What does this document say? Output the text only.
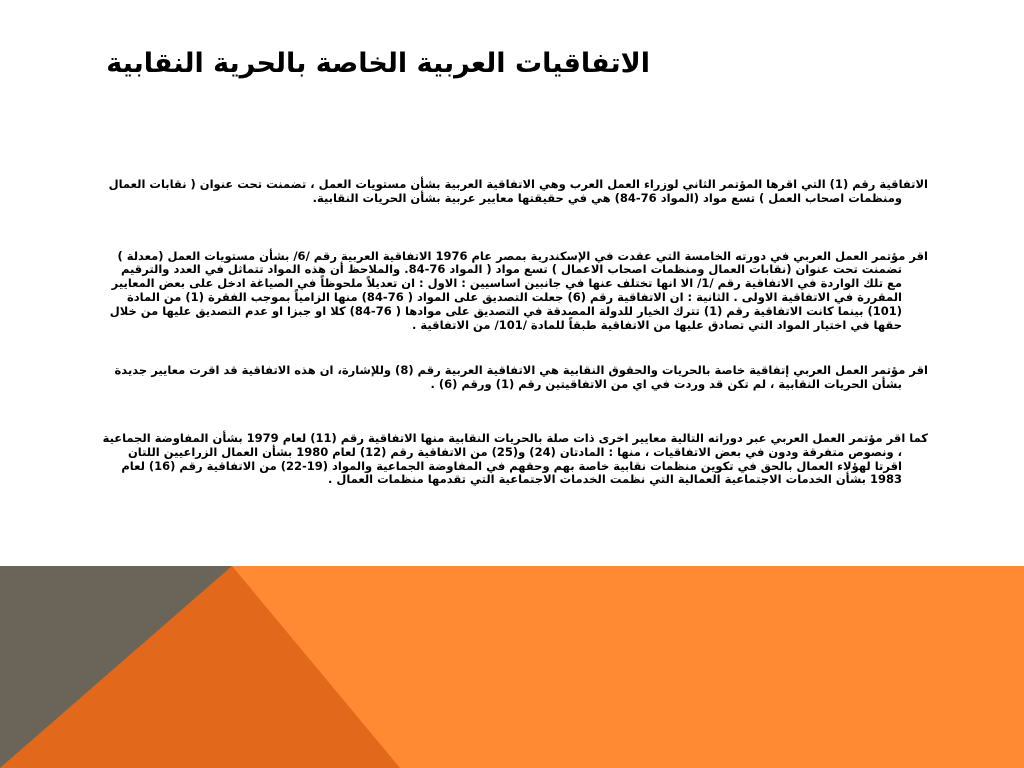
الاتفاقيات العربية الخاصة بالحرية النقابية

الاتفاقية رقم (1) التي اقرها المؤتمر الثاني لوزراء العمل العرب وهي الاتفاقية العربية بشأن مستويات العمل ، تضمنت تحت عنوان ( نقابات العمال ومنظمات اصحاب العمل ) تسع مواد (المواد 76-84) هي في حقيقتها معايير عربية بشأن الحريات النقابية.

اقر مؤتمر العمل العربي في دورته الخامسة التي عقدت في الإسكندرية بمصر عام 1976 الاتفاقية العربية رقم /6/ بشأن مستويات العمل (معدلة ) تضمنت تحت عنوان (نقابات العمال ومنظمات اصحاب الاعمال ) تسع مواد ( المواد 76-84. والملاحظ أن هذه المواد تتماثل في العدد والترقيم مع تلك الواردة في الاتفاقية رقم /1/ الا انها تختلف عنها في جانبين اساسيين : الاول : ان تعديلاً ملحوظاً في الصياغة ادخل على بعض المعايير المقررة في الاتفاقية الاولى . الثانية : ان الاتفاقية رقم (6) جعلت التصديق على المواد ( 76-84) منها الزامياً بموجب الفقرة (1) من المادة (101) بينما كانت الاتفاقية رقم (1) تترك الخيار للدولة المصدقة في التصديق على موادها ( 76-84) كلا او جبزا او عدم التصديق عليها من خلال حقها في اختيار المواد التي تصادق عليها من الاتفاقية طبقاً للمادة /101/ من الاتفاقية .

اقر مؤتمر العمل العربي إتفاقية خاصة بالحريات والحقوق النقابية هي الاتفاقية العربية رقم (8) وللإشارة، ان هذه الاتفاقية قد اقرت معايير جديدة بشأن الحريات النقابية ، لم تكن قد وردت في اي من الاتفاقيتين رقم (1) ورقم (6) .

كما اقر مؤتمر العمل العربي عبر دوراته التالية معايير اخرى ذات صلة بالحريات النقابية منها الاتفاقية رقم (11) لعام 1979 بشأن المفاوضة الجماعية ، ونصوص متفرقة ودون في بعض الاتفاقيات ، منها : المادتان (24) و(25) من الاتفاقية رقم (12) لعام 1980 بشأن العمال الزراعيين اللتان اقرتا لهؤلاء العمال بالحق في تكوين منظمات نقابية خاصة بهم وحقهم في المفاوضة الجماعية والمواد (19-22) من الاتفاقية رقم (16) لعام 1983 بشأن الخدمات الاجتماعية العمالية التي نظمت الخدمات الاجتماعية التي تقدمها منظمات العمال .
